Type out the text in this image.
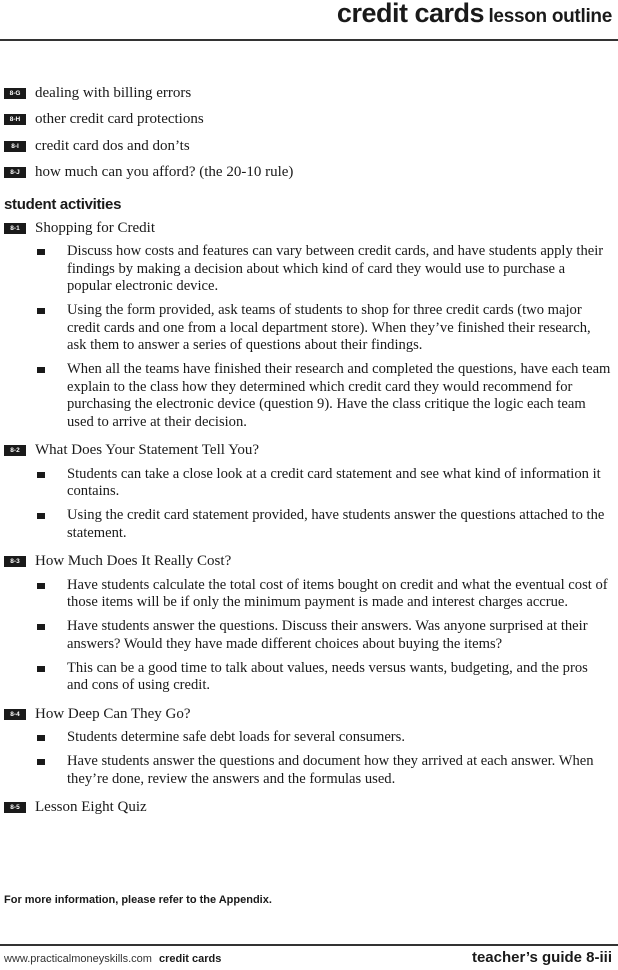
credit cards lesson outline
8-G dealing with billing errors
8-H other credit card protections
8-I	credit card dos and don’ts
8-J	how much can you afford? (the 20-10 rule)
student activities
8-1	Shopping for Credit
Discuss how costs and features can vary between credit cards, and have students apply their findings by making a decision about which kind of card they would use to purchase a popular electronic device.
Using the form provided, ask teams of students to shop for three credit cards (two major credit cards and one from a local department store). When they’ve finished their research, ask them to answer a series of questions about their findings.
When all the teams have finished their research and completed the questions, have each team explain to the class how they determined which credit card they would recommend for purchasing the electronic device (question 9). Have the class critique the logic each team used to arrive at their decision.
8-2	What Does Your Statement Tell You?
Students can take a close look at a credit card statement and see what kind of information it contains.
Using the credit card statement provided, have students answer the questions attached to the statement.
8-3	How Much Does It Really Cost?
Have students calculate the total cost of items bought on credit and what the eventual cost of those items will be if only the minimum payment is made and interest charges accrue.
Have students answer the questions. Discuss their answers. Was anyone surprised at their answers? Would they have made different choices about buying the items?
This can be a good time to talk about values, needs versus wants, budgeting, and the pros and cons of using credit.
8-4	How Deep Can They Go?
Students determine safe debt loads for several consumers.
Have students answer the questions and document how they arrived at each answer. When they’re done, review the answers and the formulas used.
8-5	Lesson Eight Quiz
For more information, please refer to the Appendix.
www.practicalmoneyskills.com credit cards	teacher’s guide 8-iii
